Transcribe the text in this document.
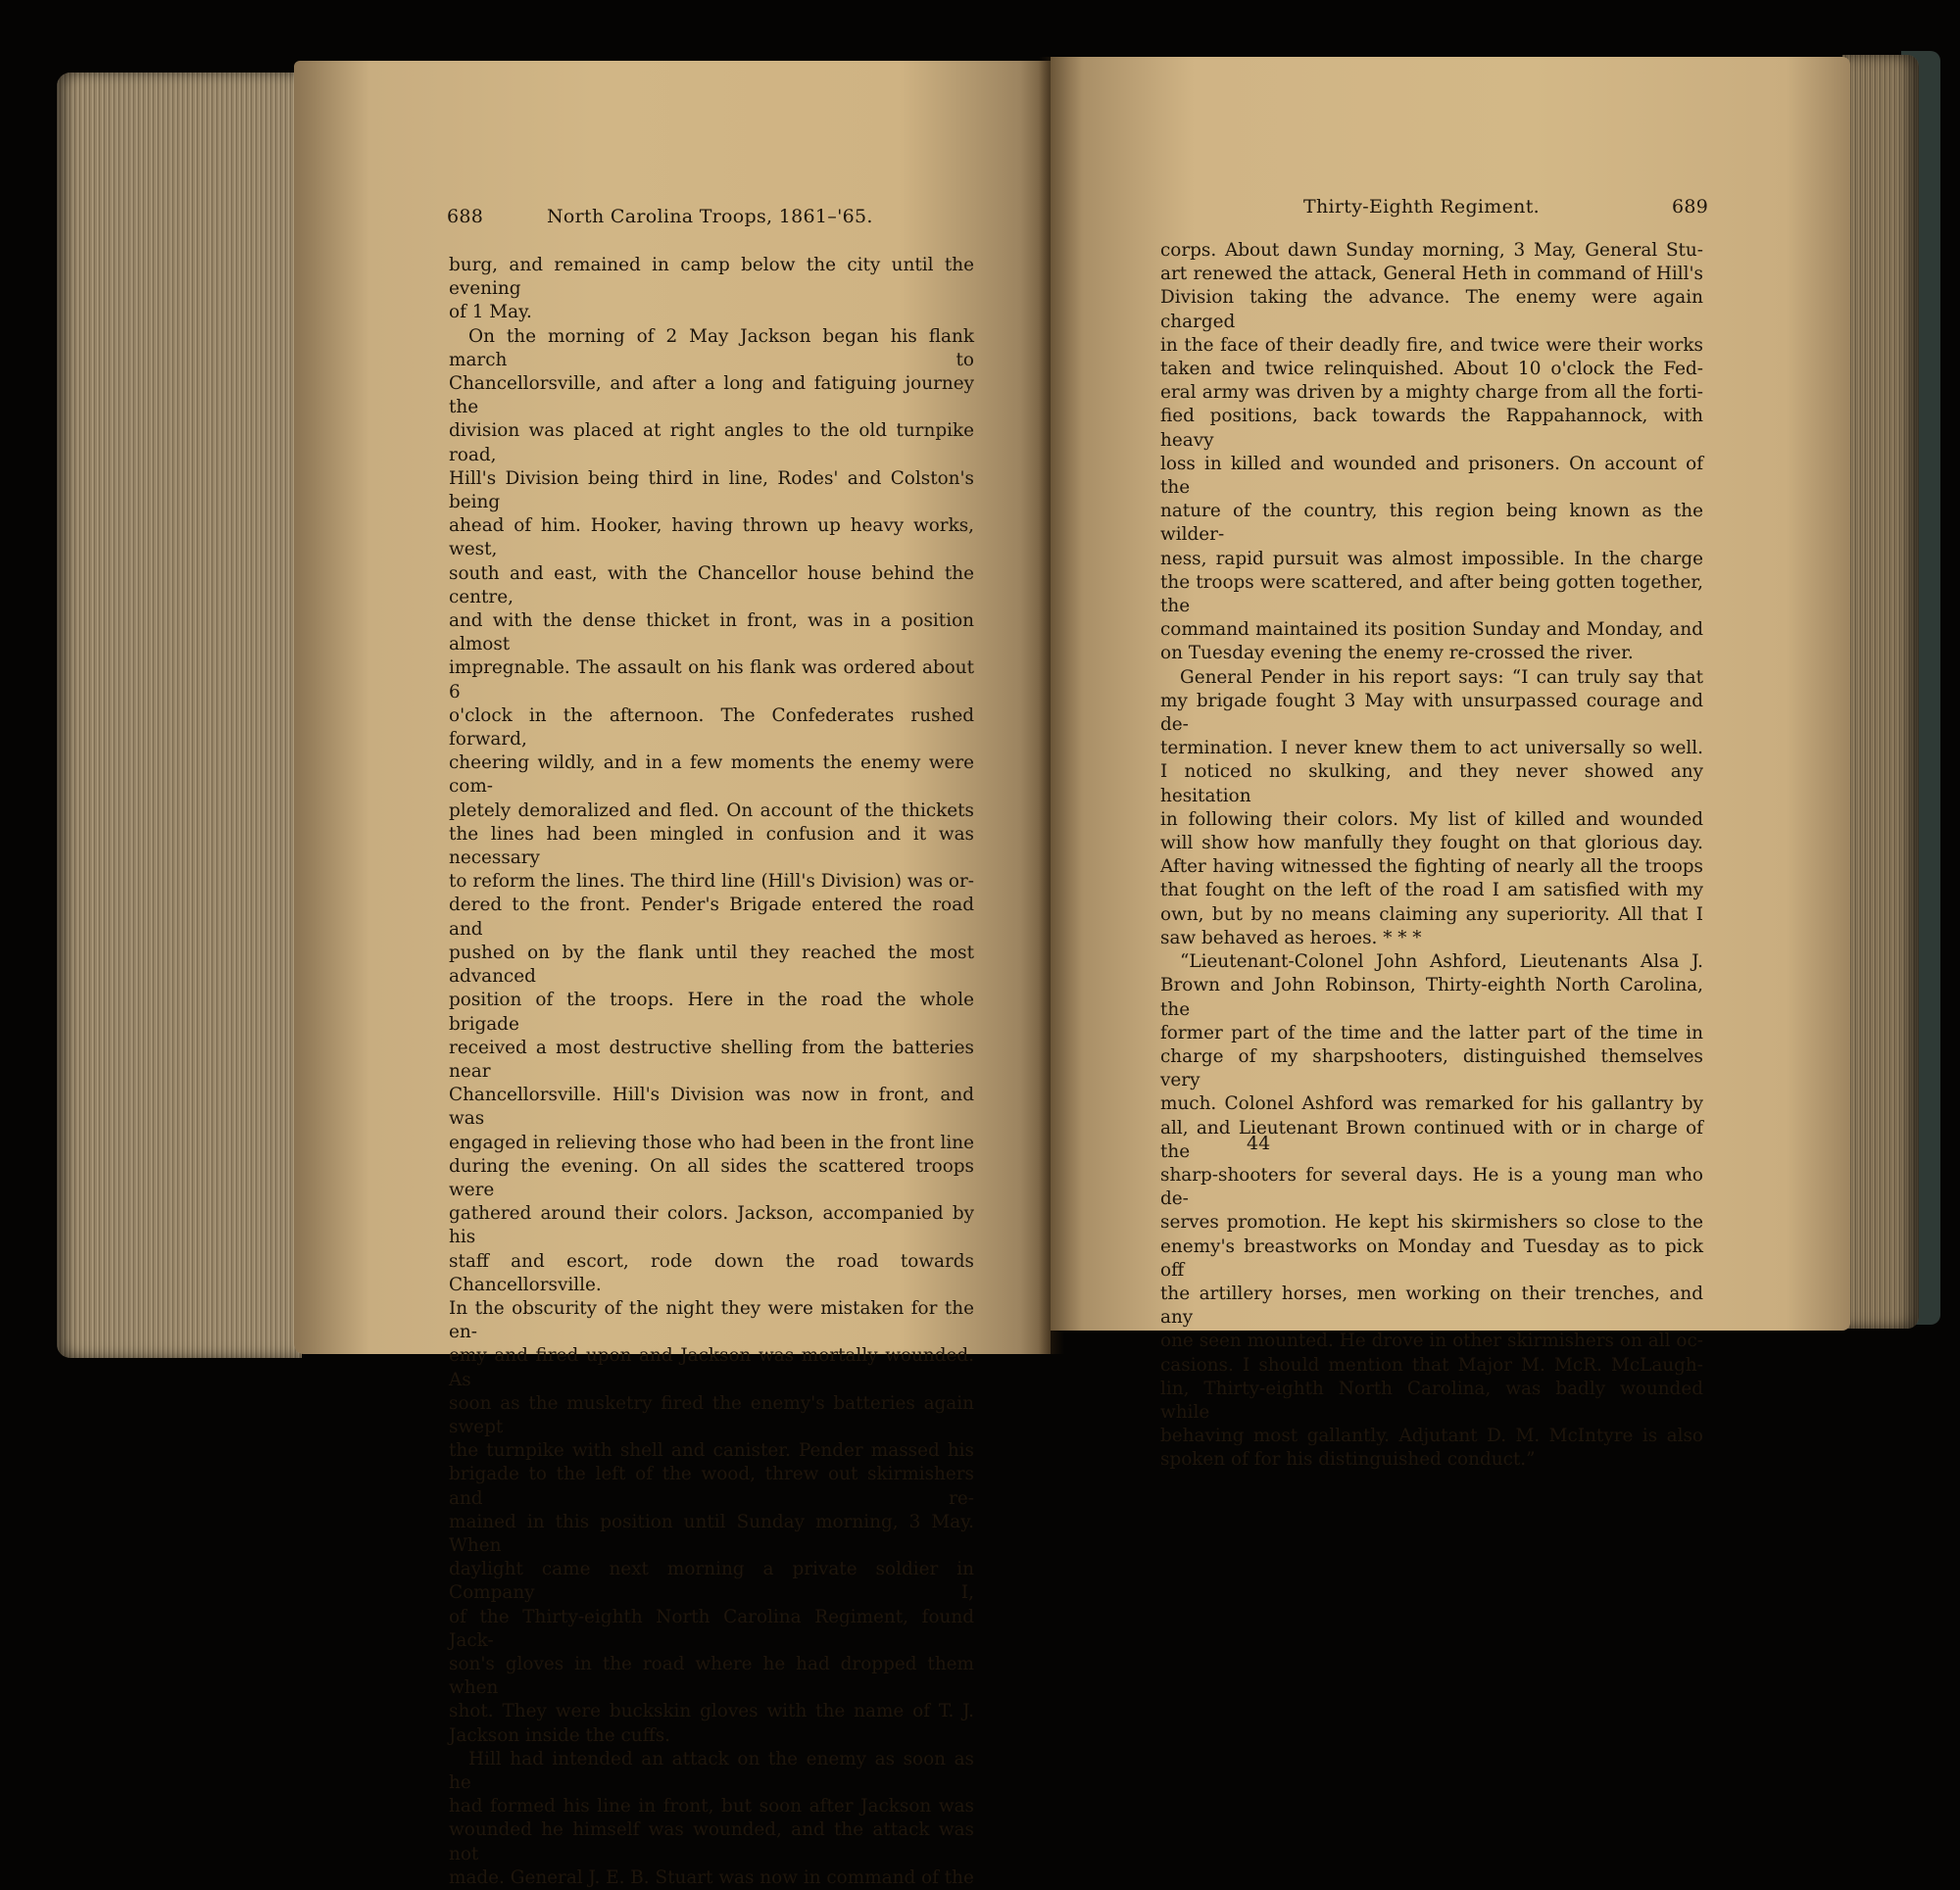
688	North Carolina Troops, 1861–'65.

burg, and remained in camp below the city until the evening

of 1 May.

On the morning of 2 May Jackson began his flank march to

Chancellorsville, and after a long and fatiguing journey the

division was placed at right angles to the old turnpike road,

Hill's Division being third in line, Rodes' and Colston's being

ahead of him. Hooker, having thrown up heavy works, west,

south and east, with the Chancellor house behind the centre,

and with the dense thicket in front, was in a position almost

impregnable. The assault on his flank was ordered about 6

o'clock in the afternoon. The Confederates rushed forward,

cheering wildly, and in a few moments the enemy were com-

pletely demoralized and fled. On account of the thickets

the lines had been mingled in confusion and it was necessary

to reform the lines. The third line (Hill's Division) was or-

dered to the front. Pender's Brigade entered the road and

pushed on by the flank until they reached the most advanced

position of the troops. Here in the road the whole brigade

received a most destructive shelling from the batteries near

Chancellorsville. Hill's Division was now in front, and was

engaged in relieving those who had been in the front line

during the evening. On all sides the scattered troops were

gathered around their colors. Jackson, accompanied by his

staff and escort, rode down the road towards Chancellorsville.

In the obscurity of the night they were mistaken for the en-

emy and fired upon and Jackson was mortally wounded. As

soon as the musketry fired the enemy's batteries again swept

the turnpike with shell and canister. Pender massed his

brigade to the left of the wood, threw out skirmishers and re-

mained in this position until Sunday morning, 3 May. When

daylight came next morning a private soldier in Company I,

of the Thirty-eighth North Carolina Regiment, found Jack-

son's gloves in the road where he had dropped them when

shot. They were buckskin gloves with the name of T. J.

Jackson inside the cuffs.

Hill had intended an attack on the enemy as soon as he

had formed his line in front, but soon after Jackson was

wounded he himself was wounded, and the attack was not

made. General J. E. B. Stuart was now in command of the

Thirty-Eighth Regiment.	689

corps. About dawn Sunday morning, 3 May, General Stu-

art renewed the attack, General Heth in command of Hill's

Division taking the advance. The enemy were again charged

in the face of their deadly fire, and twice were their works

taken and twice relinquished. About 10 o'clock the Fed-

eral army was driven by a mighty charge from all the forti-

fied positions, back towards the Rappahannock, with heavy

loss in killed and wounded and prisoners. On account of the

nature of the country, this region being known as the wilder-

ness, rapid pursuit was almost impossible. In the charge

the troops were scattered, and after being gotten together, the

command maintained its position Sunday and Monday, and

on Tuesday evening the enemy re-crossed the river.

General Pender in his report says: “I can truly say that

my brigade fought 3 May with unsurpassed courage and de-

termination. I never knew them to act universally so well.

I noticed no skulking, and they never showed any hesitation

in following their colors. My list of killed and wounded

will show how manfully they fought on that glorious day.

After having witnessed the fighting of nearly all the troops

that fought on the left of the road I am satisfied with my

own, but by no means claiming any superiority. All that I

saw behaved as heroes. * * *

“Lieutenant-Colonel John Ashford, Lieutenants Alsa J.

Brown and John Robinson, Thirty-eighth North Carolina, the

former part of the time and the latter part of the time in

charge of my sharpshooters, distinguished themselves very

much. Colonel Ashford was remarked for his gallantry by

all, and Lieutenant Brown continued with or in charge of the

sharp-shooters for several days. He is a young man who de-

serves promotion. He kept his skirmishers so close to the

enemy's breastworks on Monday and Tuesday as to pick off

the artillery horses, men working on their trenches, and any

one seen mounted. He drove in other skirmishers on all oc-

casions. I should mention that Major M. McR. McLaugh-

lin, Thirty-eighth North Carolina, was badly wounded while

behaving most gallantly. Adjutant D. M. McIntyre is also

spoken of for his distinguished conduct.”

44
